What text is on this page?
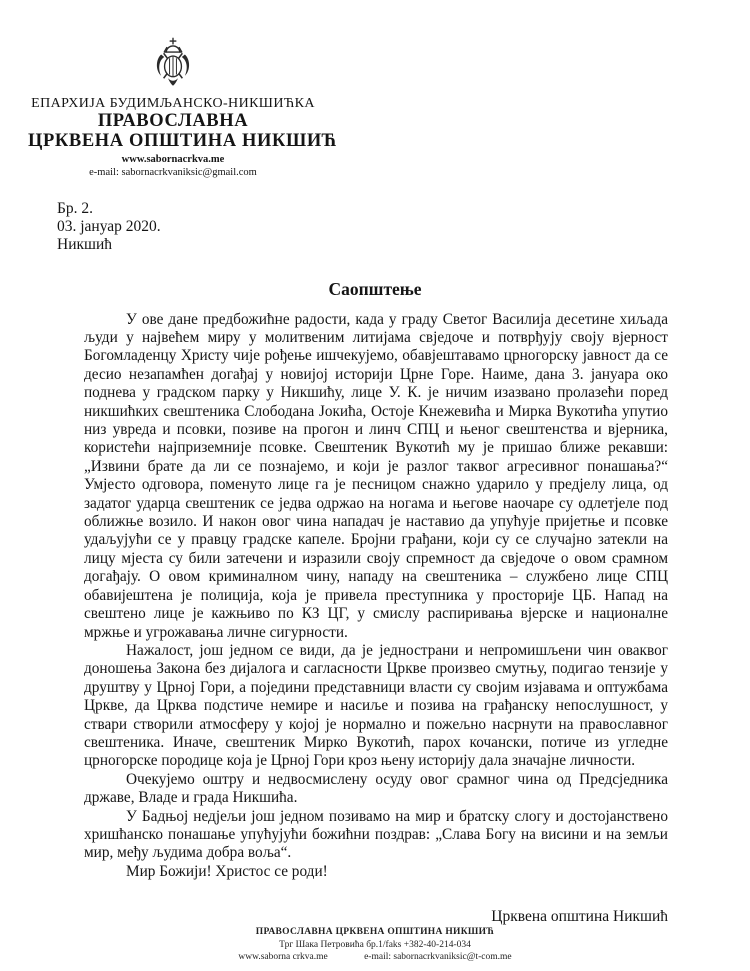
ЕПАРХИЈА БУДИМЉАНСКО-НИКШИЋКА
ПРАВОСЛАВНА
ЦРКВЕНА ОПШТИНА НИКШИЋ
www.sabornacrkva.me
e-mail: sabornacrkvaniksic@gmail.com
Бр. 2.
03. јануар 2020.
Никшић
Саопштење

У ове дане предбожићне радости, када у граду Светог Василија десетине хиљада људи у највећем миру у молитвеним литијама свједоче и потврђују своју вјерност Богомладенцу Христу чије рођење ишчекујемо, обавјештавамо црногорску јавност да се десио незапамћен догађај у новијој историји Црне Горе. Наиме, дана 3. јануара око поднева у градском парку у Никшићу, лице У. К. је ничим изазвано пролазећи поред никшићких свештеника Слободана Јокића, Остоје Кнежевића и Мирка Вукотића упутио низ увреда и псовки, позиве на прогон и линч СПЦ и њеног свештенства и вјерника, користећи најприземније псовке. Свештеник Вукотић му је пришао ближе рекавши: „Извини брате да ли се познајемо, и који је разлог таквог агресивног понашања?“ Умјесто одговора, поменуто лице га је песницом снажно ударило у предјелу лица, од задатог ударца свештеник се једва одржао на ногама и његове наочаре су одлетјеле под оближње возило. И након овог чина нападач је наставио да упућује пријетње и псовке удаљујући се у правцу градске капеле. Бројни грађани, који су се случајно затекли на лицу мјеста су били затечени и изразили своју спремност да свједоче о овом срамном догађају. О овом криминалном чину, нападу на свештеника – службено лице СПЦ обавијештена је полиција, која је привела преступника у просторије ЦБ. Напад на свештено лице је кажњиво по КЗ ЦГ, у смислу распиривања вјерске и националне мржње и угрожавања личне сигурности.

Нажалост, још једном се види, да је једнострани и непромишљени чин оваквог доношења Закона без дијалога и сагласности Цркве произвео смутњу, подигао тензије у друштву у Црној Гори, а поједини представници власти су својим изјавама и оптужбама Цркве, да Црква подстиче немире и насиље и позива на грађанску непослушност, у ствари створили атмосферу у којој је нормално и пожељно насрнути на православног свештеника. Иначе, свештеник Мирко Вукотић, парох кочански, потиче из угледне црногорске породице која је Црној Гори кроз њену историју дала значајне личности.

Очекујемо оштру и недвосмислену осуду овог срамног чина од Предсједника државе, Владе и града Никшића.

У Бадњој недјељи још једном позивамо на мир и братску слогу и достојанствено хришћанско понашање упућујући божићни поздрав: „Слава Богу на висини и на земљи мир, међу људима добра воља“.

Мир Божији! Христос се роди!

Црквена општина Никшић
ПРАВОСЛАВНА ЦРКВЕНА ОПШТИНА НИКШИЋ
Трг Шака Петровића бр.1/faks +382-40-214-034
www.saborna crkva.me	e-mail: sabornacrkvaniksic@t-com.me
